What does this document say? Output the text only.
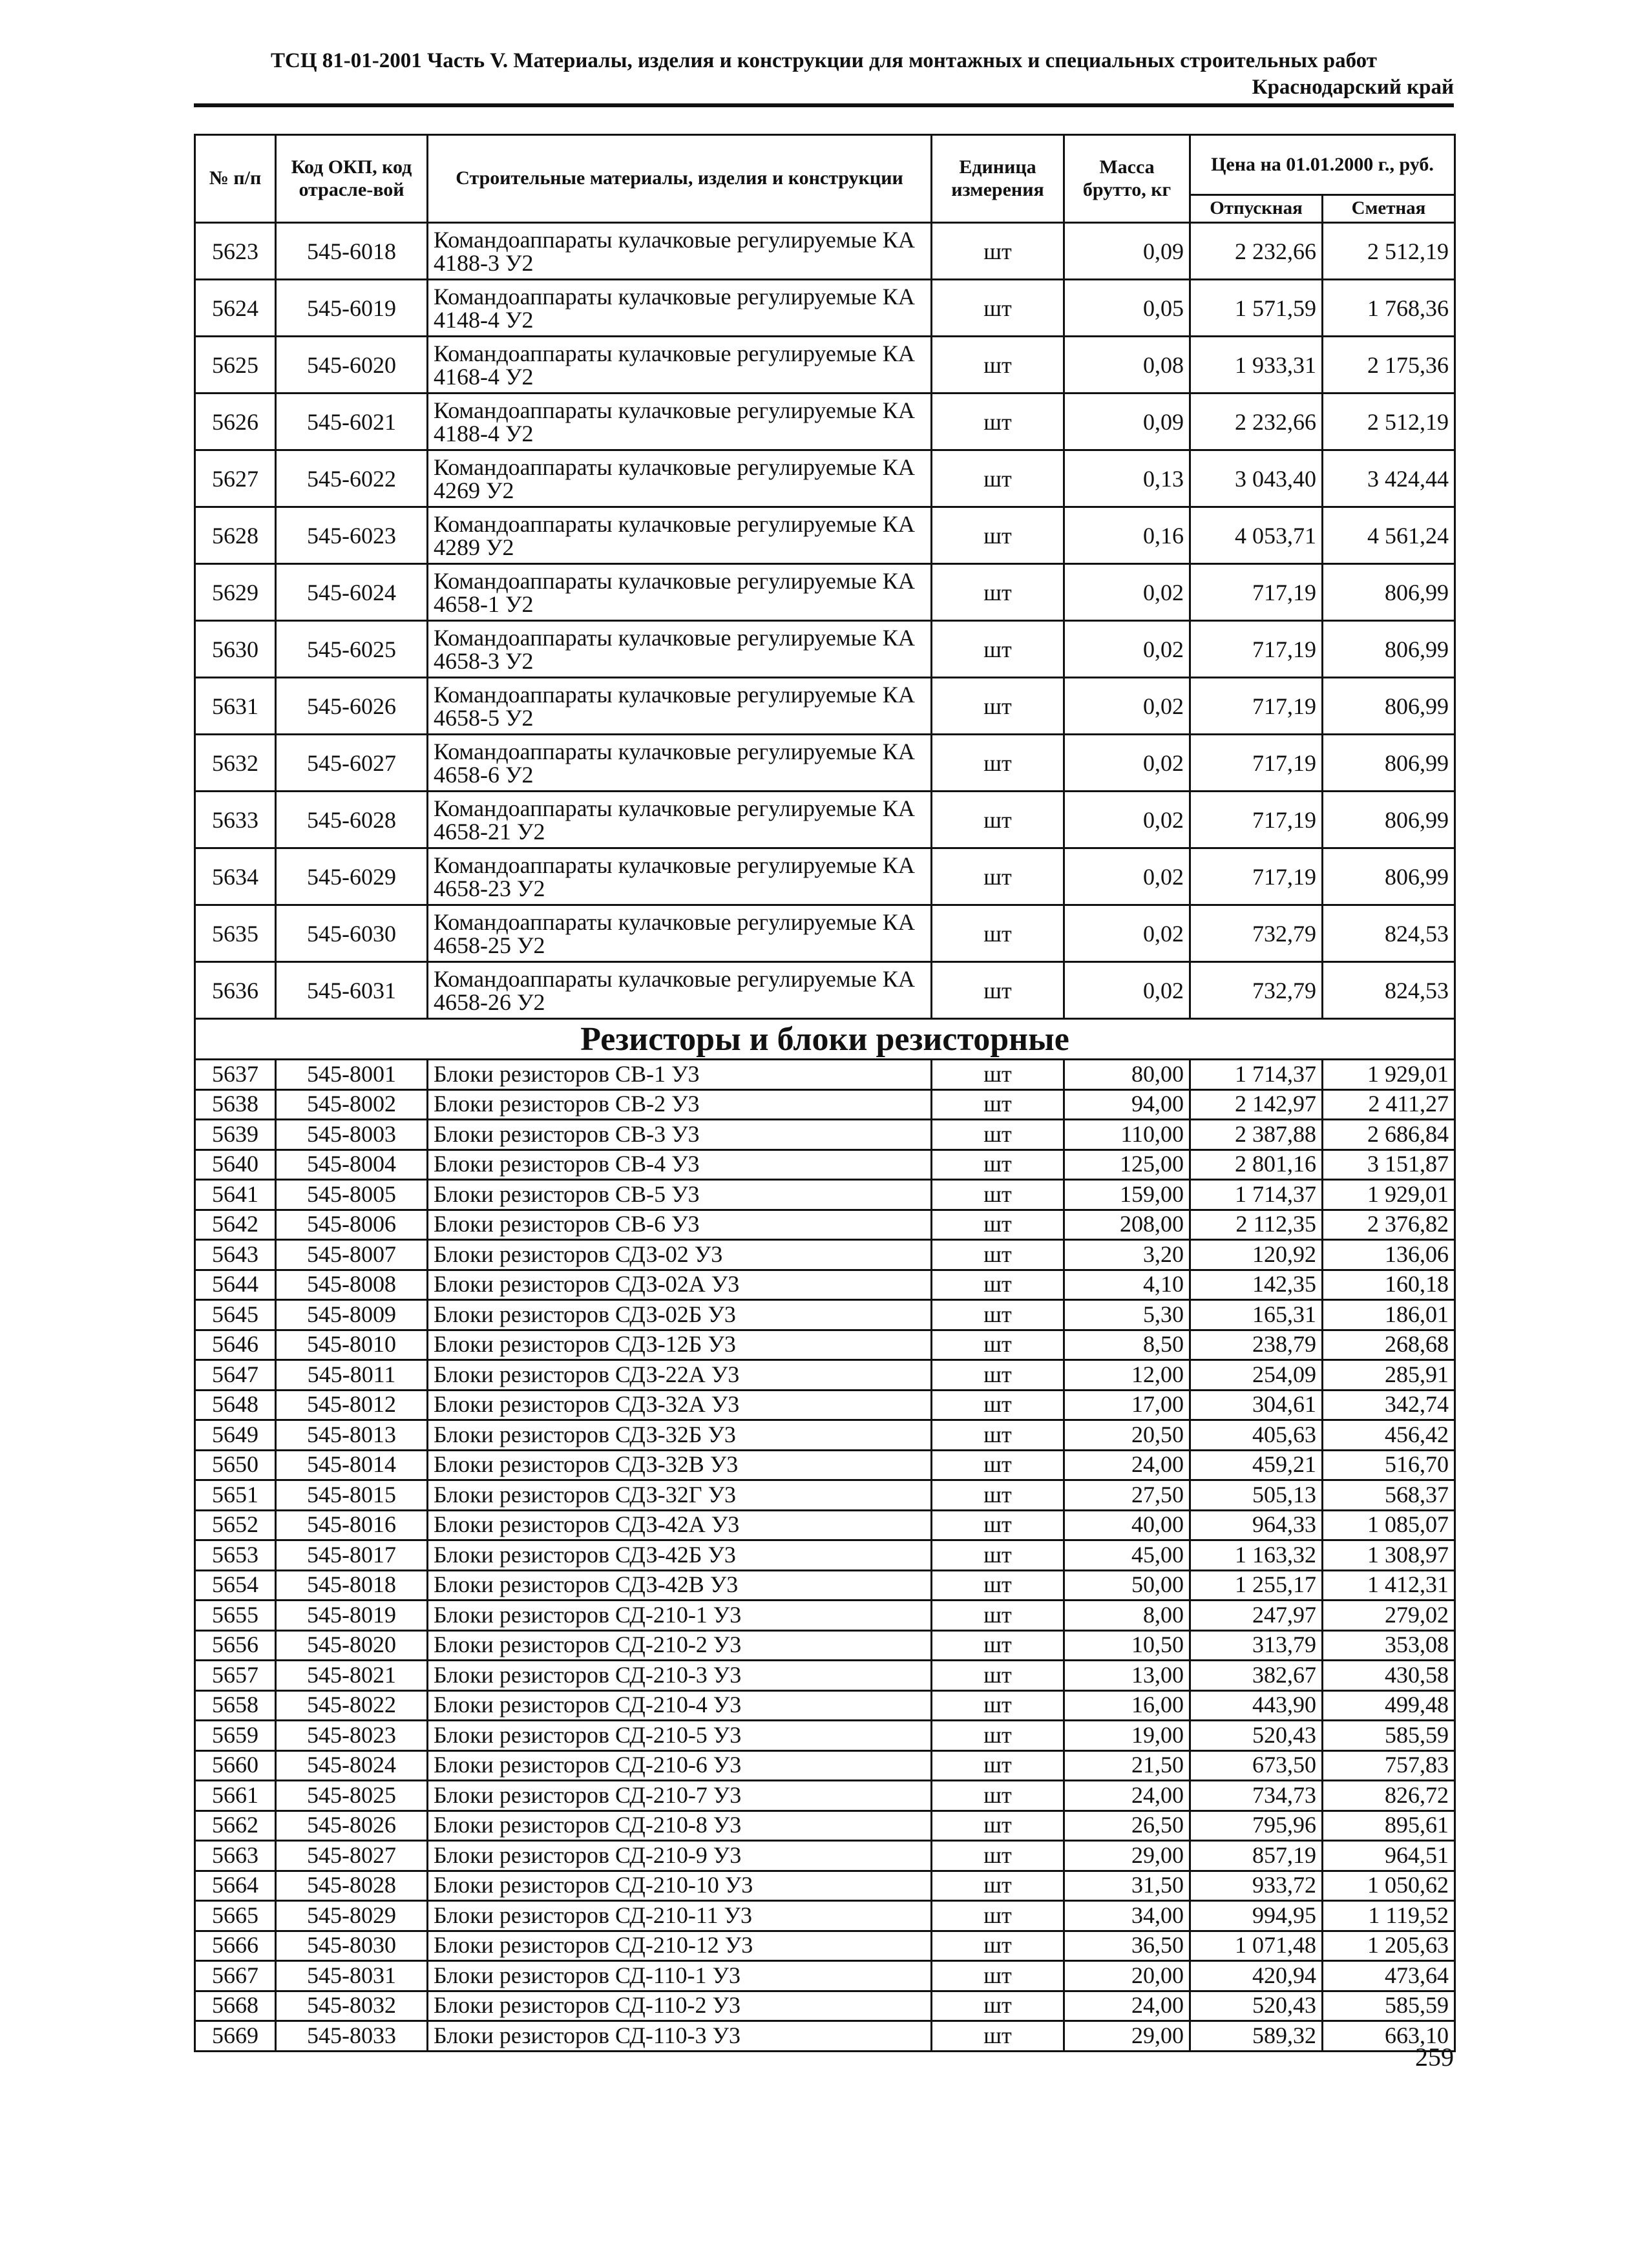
ТСЦ 81-01-2001 Часть V. Материалы, изделия и конструкции для монтажных и специальных строительных работ
Краснодарский край
№ п/п	Код ОКП, код отрасле-вой	Строительные материалы, изделия и конструкции	Единица измерения	Масса брутто, кг	Цена на 01.01.2000 г., руб.	
					Отпускная	Сметная
5623	545-6018	Командоаппараты кулачковые регулируемые КА 4188-3 У2	шт	0,09	2 232,66	2 512,19
5624	545-6019	Командоаппараты кулачковые регулируемые КА 4148-4 У2	шт	0,05	1 571,59	1 768,36
5625	545-6020	Командоаппараты кулачковые регулируемые КА 4168-4 У2	шт	0,08	1 933,31	2 175,36
5626	545-6021	Командоаппараты кулачковые регулируемые КА 4188-4 У2	шт	0,09	2 232,66	2 512,19
5627	545-6022	Командоаппараты кулачковые регулируемые КА 4269 У2	шт	0,13	3 043,40	3 424,44
5628	545-6023	Командоаппараты кулачковые регулируемые КА 4289 У2	шт	0,16	4 053,71	4 561,24
5629	545-6024	Командоаппараты кулачковые регулируемые КА 4658-1 У2	шт	0,02	717,19	806,99
5630	545-6025	Командоаппараты кулачковые регулируемые КА 4658-3 У2	шт	0,02	717,19	806,99
5631	545-6026	Командоаппараты кулачковые регулируемые КА 4658-5 У2	шт	0,02	717,19	806,99
5632	545-6027	Командоаппараты кулачковые регулируемые КА 4658-6 У2	шт	0,02	717,19	806,99
5633	545-6028	Командоаппараты кулачковые регулируемые КА 4658-21 У2	шт	0,02	717,19	806,99
5634	545-6029	Командоаппараты кулачковые регулируемые КА 4658-23 У2	шт	0,02	717,19	806,99
5635	545-6030	Командоаппараты кулачковые регулируемые КА 4658-25 У2	шт	0,02	732,79	824,53
5636	545-6031	Командоаппараты кулачковые регулируемые КА 4658-26 У2	шт	0,02	732,79	824,53
Резисторы и блоки резисторные						
5637	545-8001	Блоки резисторов СВ-1 У3	шт	80,00	1 714,37	1 929,01
5638	545-8002	Блоки резисторов СВ-2 У3	шт	94,00	2 142,97	2 411,27
5639	545-8003	Блоки резисторов СВ-3 У3	шт	110,00	2 387,88	2 686,84
5640	545-8004	Блоки резисторов СВ-4 У3	шт	125,00	2 801,16	3 151,87
5641	545-8005	Блоки резисторов СВ-5 У3	шт	159,00	1 714,37	1 929,01
5642	545-8006	Блоки резисторов СВ-6 У3	шт	208,00	2 112,35	2 376,82
5643	545-8007	Блоки резисторов СДЗ-02 У3	шт	3,20	120,92	136,06
5644	545-8008	Блоки резисторов СДЗ-02А У3	шт	4,10	142,35	160,18
5645	545-8009	Блоки резисторов СДЗ-02Б У3	шт	5,30	165,31	186,01
5646	545-8010	Блоки резисторов СДЗ-12Б У3	шт	8,50	238,79	268,68
5647	545-8011	Блоки резисторов СДЗ-22А У3	шт	12,00	254,09	285,91
5648	545-8012	Блоки резисторов СДЗ-32А У3	шт	17,00	304,61	342,74
5649	545-8013	Блоки резисторов СДЗ-32Б У3	шт	20,50	405,63	456,42
5650	545-8014	Блоки резисторов СДЗ-32В У3	шт	24,00	459,21	516,70
5651	545-8015	Блоки резисторов СДЗ-32Г У3	шт	27,50	505,13	568,37
5652	545-8016	Блоки резисторов СДЗ-42А У3	шт	40,00	964,33	1 085,07
5653	545-8017	Блоки резисторов СДЗ-42Б У3	шт	45,00	1 163,32	1 308,97
5654	545-8018	Блоки резисторов СДЗ-42В У3	шт	50,00	1 255,17	1 412,31
5655	545-8019	Блоки резисторов СД-210-1 У3	шт	8,00	247,97	279,02
5656	545-8020	Блоки резисторов СД-210-2 У3	шт	10,50	313,79	353,08
5657	545-8021	Блоки резисторов СД-210-3 У3	шт	13,00	382,67	430,58
5658	545-8022	Блоки резисторов СД-210-4 У3	шт	16,00	443,90	499,48
5659	545-8023	Блоки резисторов СД-210-5 У3	шт	19,00	520,43	585,59
5660	545-8024	Блоки резисторов СД-210-6 У3	шт	21,50	673,50	757,83
5661	545-8025	Блоки резисторов СД-210-7 У3	шт	24,00	734,73	826,72
5662	545-8026	Блоки резисторов СД-210-8 У3	шт	26,50	795,96	895,61
5663	545-8027	Блоки резисторов СД-210-9 У3	шт	29,00	857,19	964,51
5664	545-8028	Блоки резисторов СД-210-10 У3	шт	31,50	933,72	1 050,62
5665	545-8029	Блоки резисторов СД-210-11 У3	шт	34,00	994,95	1 119,52
5666	545-8030	Блоки резисторов СД-210-12 У3	шт	36,50	1 071,48	1 205,63
5667	545-8031	Блоки резисторов СД-110-1 У3	шт	20,00	420,94	473,64
5668	545-8032	Блоки резисторов СД-110-2 У3	шт	24,00	520,43	585,59
5669	545-8033	Блоки резисторов СД-110-3 У3	шт	29,00	589,32	663,10
259
